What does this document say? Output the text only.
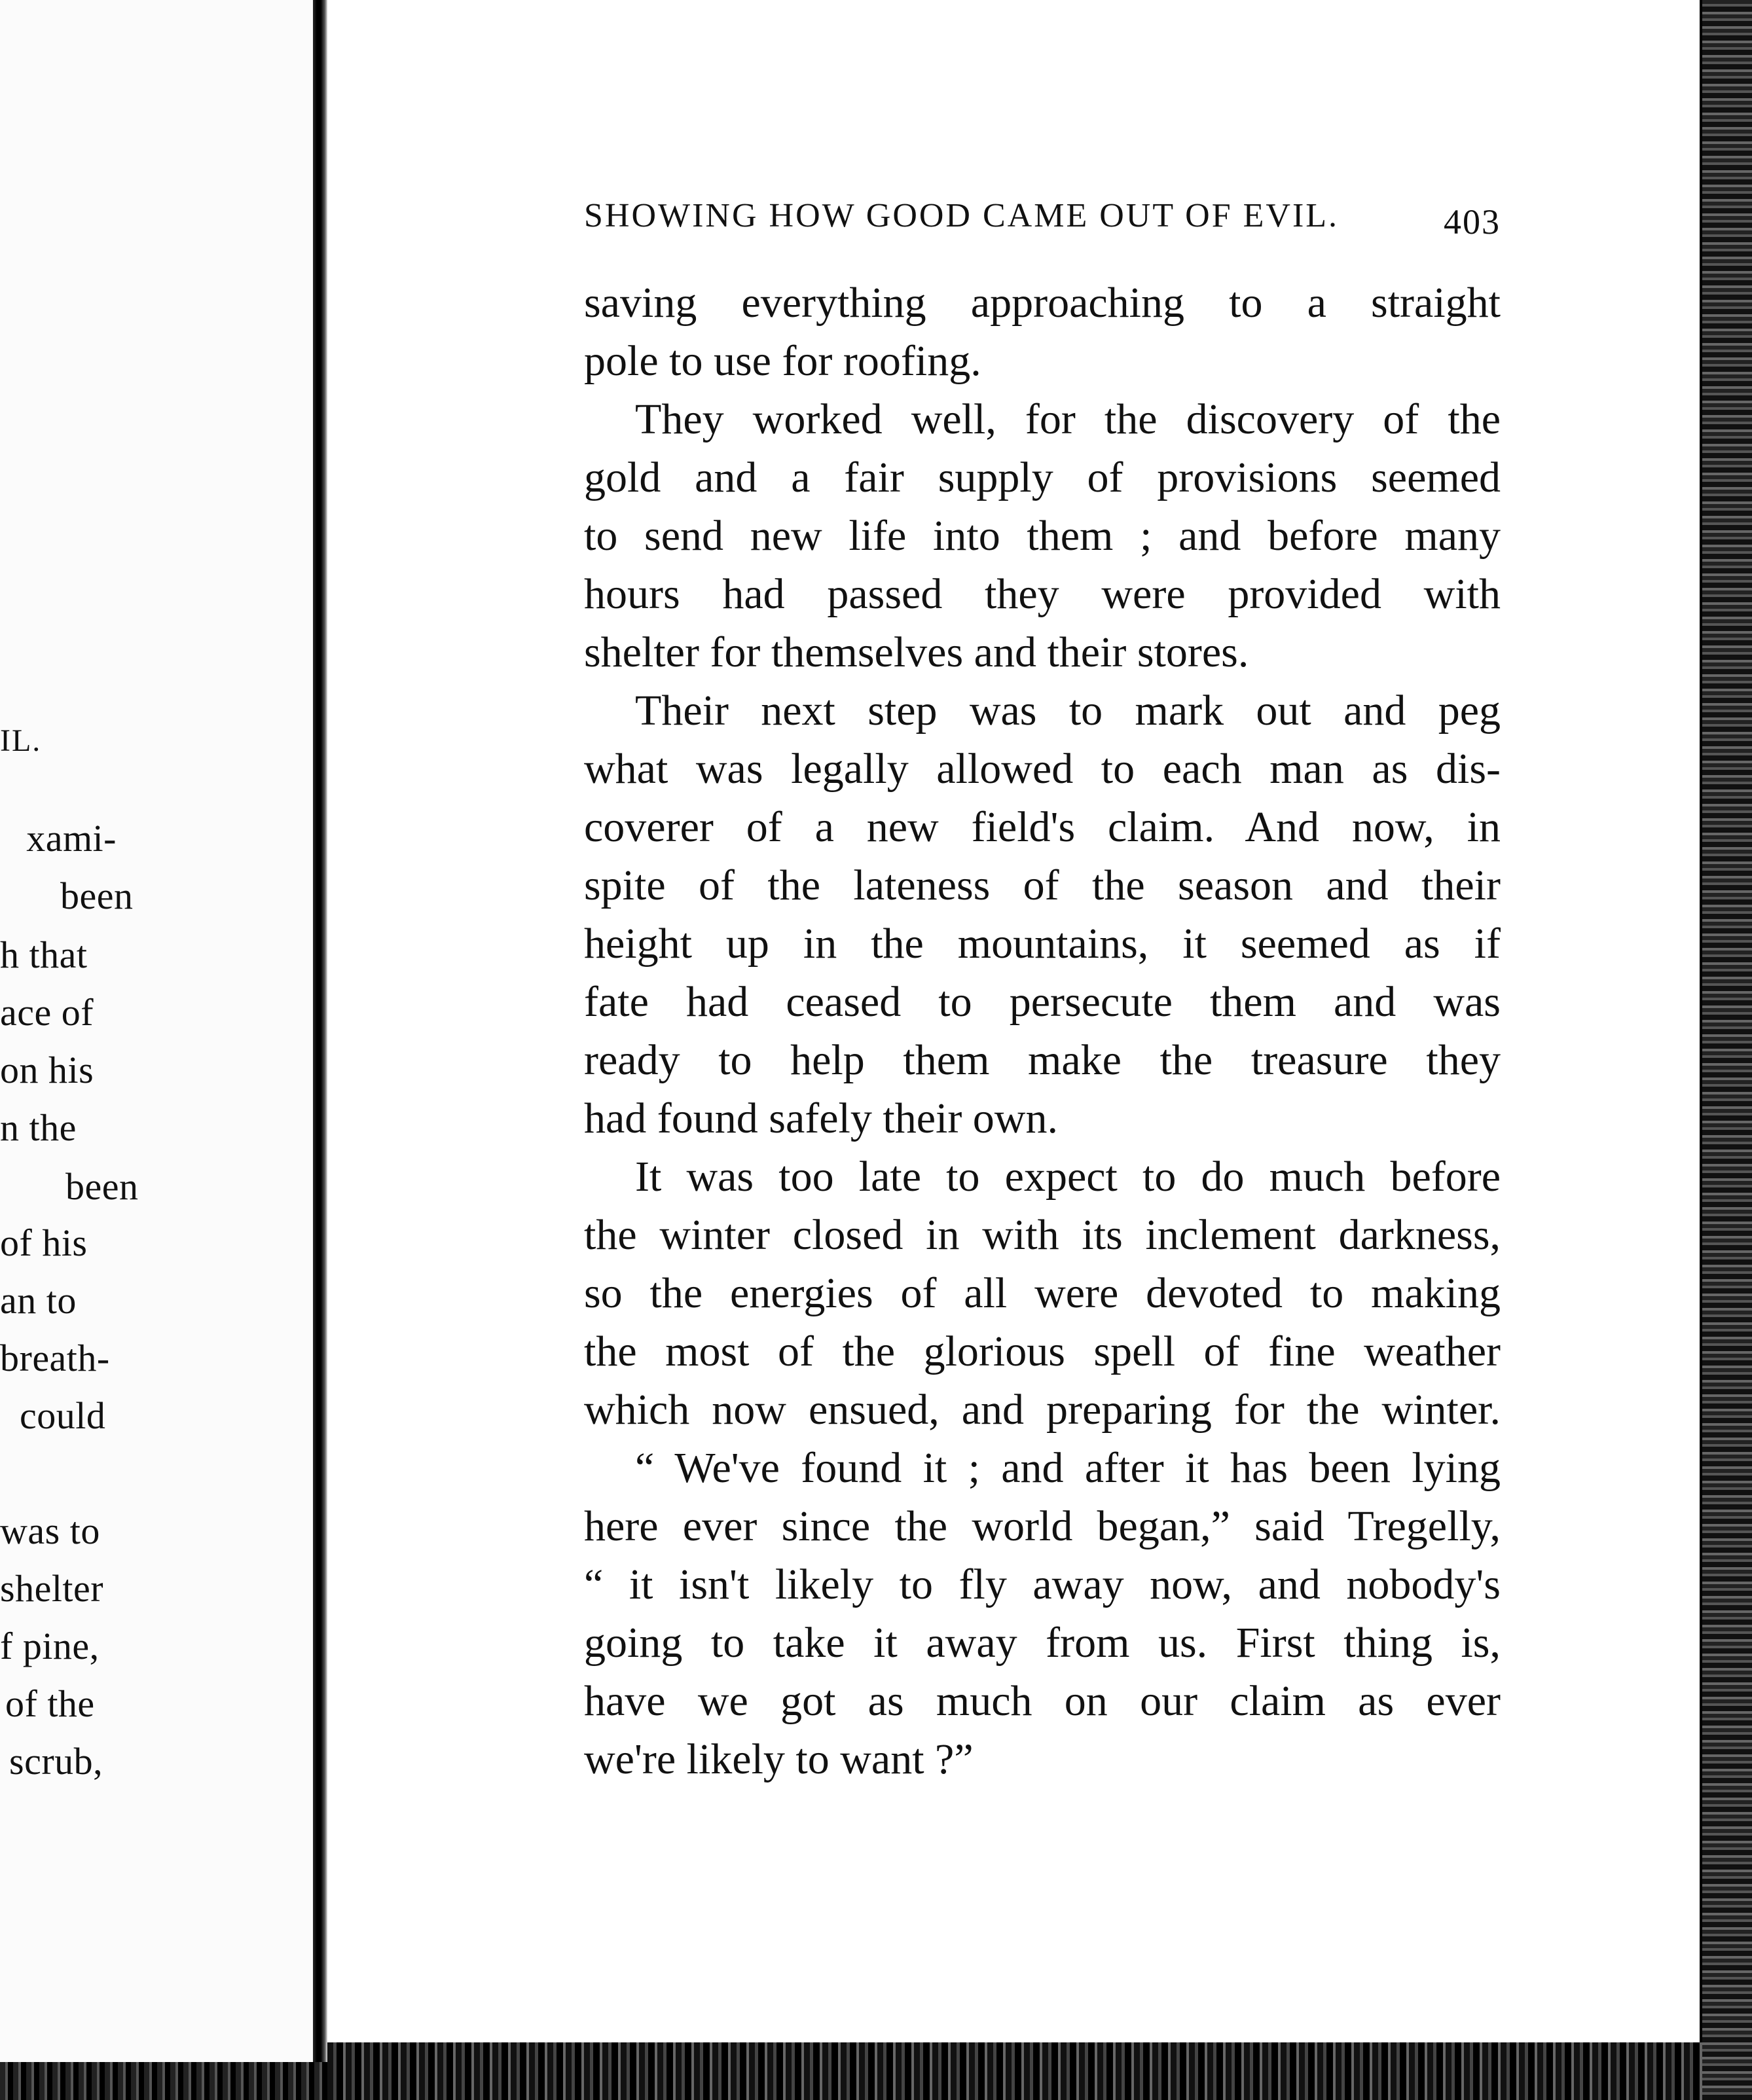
IL.
xami-
been
h that
ace of
on his
n the
been
of his
an to
breath-
could
was to
shelter
f pine,
of the
scrub,
SHOWING HOW GOOD CAME OUT OF EVIL.	403
saving everything approaching to a straight
pole to use for roofing.
They worked well, for the discovery of the
gold and a fair supply of provisions seemed
to send new life into them ; and before many
hours had passed they were provided with
shelter for themselves and their stores.
Their next step was to mark out and peg
what was legally allowed to each man as dis-
coverer of a new field's claim. And now, in
spite of the lateness of the season and their
height up in the mountains, it seemed as if
fate had ceased to persecute them and was
ready to help them make the treasure they
had found safely their own.
It was too late to expect to do much before
the winter closed in with its inclement darkness,
so the energies of all were devoted to making
the most of the glorious spell of fine weather
which now ensued, and preparing for the winter.
“ We've found it ; and after it has been lying
here ever since the world began,” said Tregelly,
“ it isn't likely to fly away now, and nobody's
going to take it away from us. First thing is,
have we got as much on our claim as ever
we're likely to want ?”
